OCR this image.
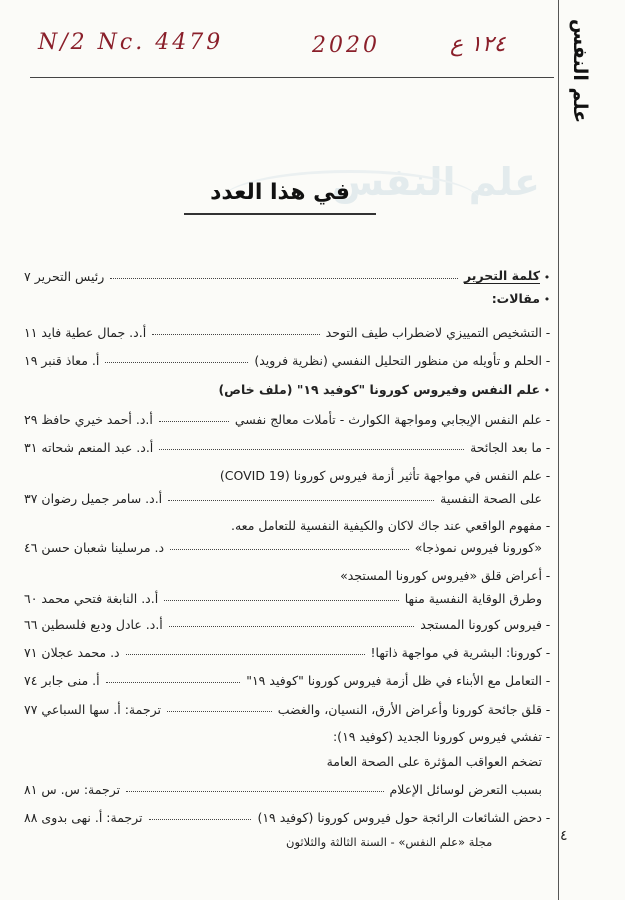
علم النفس
N/2 Nc. 4479	2020	١٢٤ ع
علم النفس
في هذا العدد
•
كلمة التحرير
رئيس التحرير ٧
•
مقالات:
-
التشخيص التمييزي لاضطراب طيف التوحد
أ.د. جمال عطية فايد ١١
-
الحلم و تأويله من منظور التحليل النفسي (نظرية فرويد)
أ. معاذ قنبر ١٩
•
علم النفس وفيروس كورونا "كوفيد ١٩" (ملف خاص)
-
علم النفس الإيجابي ومواجهة الكوارث - تأملات معالج نفسي
أ.د. أحمد خيري حافظ ٢٩
-
ما بعد الجائحة
أ.د. عبد المنعم شحاته ٣١
-
علم النفس في مواجهة تأثير أزمة فيروس كورونا (COVID 19)
على الصحة النفسية
أ.د. سامر جميل رضوان ٣٧
-
مفهوم الواقعي عند جاك لاكان والكيفية النفسية للتعامل معه.
«كورونا فيروس نموذجا»
د. مرسلينا شعبان حسن ٤٦
-
أعراض قلق «فيروس كورونا المستجد»
وطرق الوقاية النفسية منها
أ.د. النابغة فتحي محمد ٦٠
-
فيروس كورونا المستجد
أ.د. عادل وديع فلسطين ٦٦
-
كورونا: البشرية في مواجهة ذاتها!
د. محمد عجلان ٧١
-
التعامل مع الأبناء في ظل أزمة فيروس كورونا "كوفيد ١٩"
أ. منى جابر ٧٤
-
قلق جائحة كورونا وأعراض الأرق، النسيان، والغضب
ترجمة: أ. سها السباعي ٧٧
-
تفشي فيروس كورونا الجديد (كوفيد ١٩):
تضخم العواقب المؤثرة على الصحة العامة
بسبب التعرض لوسائل الإعلام
ترجمة: س. س ٨١
-
دحض الشائعات الرائجة حول فيروس كورونا (كوفيد ١٩)
ترجمة: أ. نهى بدوى ٨٨
٤
مجلة «علم النفس» - السنة الثالثة والثلاثون
